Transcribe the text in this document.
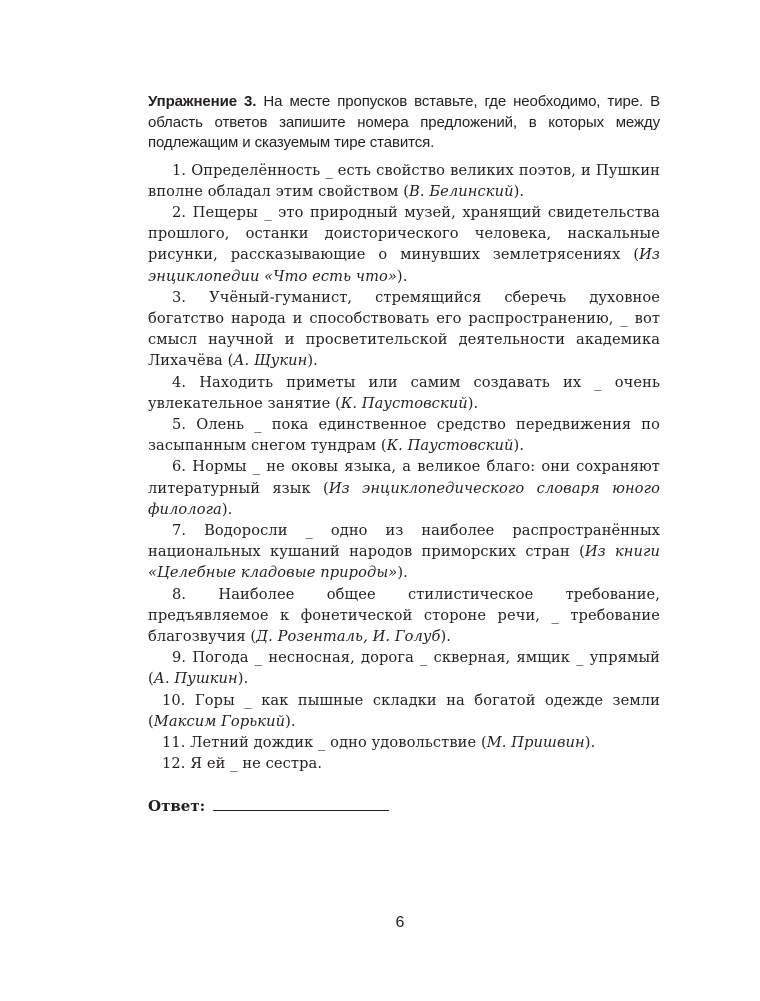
Упражнение 3. На месте пропусков вставьте, где необходимо, тире. В область ответов запишите номера предложений, в которых между подлежащим и сказуемым тире ставится.

1. Определённость _ есть свойство великих поэтов, и Пушкин вполне обладал этим свойством (В. Белинский).

2. Пещеры _ это природный музей, хранящий свидетельства прошлого, останки доисторического человека, наскальные рисунки, рассказывающие о минувших землетрясениях (Из энциклопедии «Что есть что»).

3. Учёный-гуманист, стремящийся сберечь духовное богатство народа и способствовать его распространению, _ вот смысл научной и просветительской деятельности академика Лихачёва (А. Щукин).

4. Находить приметы или самим создавать их _ очень увлекательное занятие (К. Паустовский).

5. Олень _ пока единственное средство передвижения по засыпанным снегом тундрам (К. Паустовский).

6. Нормы _ не оковы языка, а великое благо: они сохраняют литературный язык (Из энциклопедического словаря юного филолога).

7. Водоросли _ одно из наиболее распространённых национальных кушаний народов приморских стран (Из книги «Целебные кладовые природы»).

8. Наиболее общее стилистическое требование, предъявляемое к фонетической стороне речи, _ требование благозвучия (Д. Розенталь, И. Голуб).

9. Погода _ несносная, дорога _ скверная, ямщик _ упрямый (А. Пушкин).

10. Горы _ как пышные складки на богатой одежде земли (Максим Горький).

11. Летний дождик _ одно удовольствие (М. Пришвин).

12. Я ей _ не сестра.

Ответ:
6
